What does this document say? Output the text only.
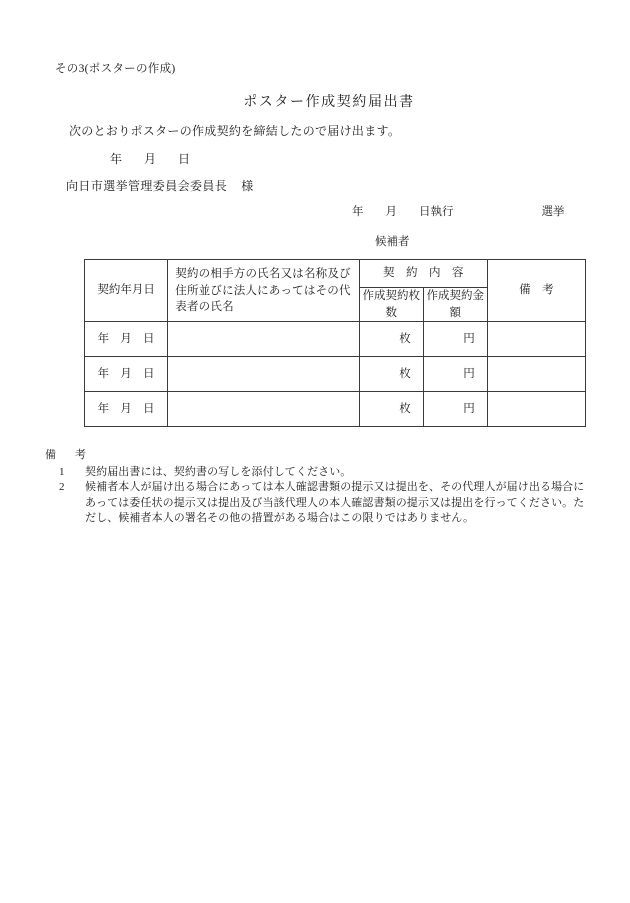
その3(ポスターの作成)
ポスター作成契約届出書
次のとおりポスターの作成契約を締結したので届け出ます。
年 月 日
向日市選挙管理委員会委員長 様
年 月 日執行	選挙
候補者
契約年月日	契約の相手方の氏名又は名称及び住所並びに法人にあってはその代表者の氏名	契　約　内　容		備　考
		作成契約枚数	作成契約金額	

年 月 日		枚	円	

年 月 日		枚	円	

年 月 日		枚	円	

備　考
1	契約届出書には、契約書の写しを添付してください。
2	候補者本人が届け出る場合にあっては本人確認書類の提示又は提出を、その代理人が届け出る場合にあっては委任状の提示又は提出及び当該代理人の本人確認書類の提示又は提出を行ってください。ただし、候補者本人の署名その他の措置がある場合はこの限りではありません。
